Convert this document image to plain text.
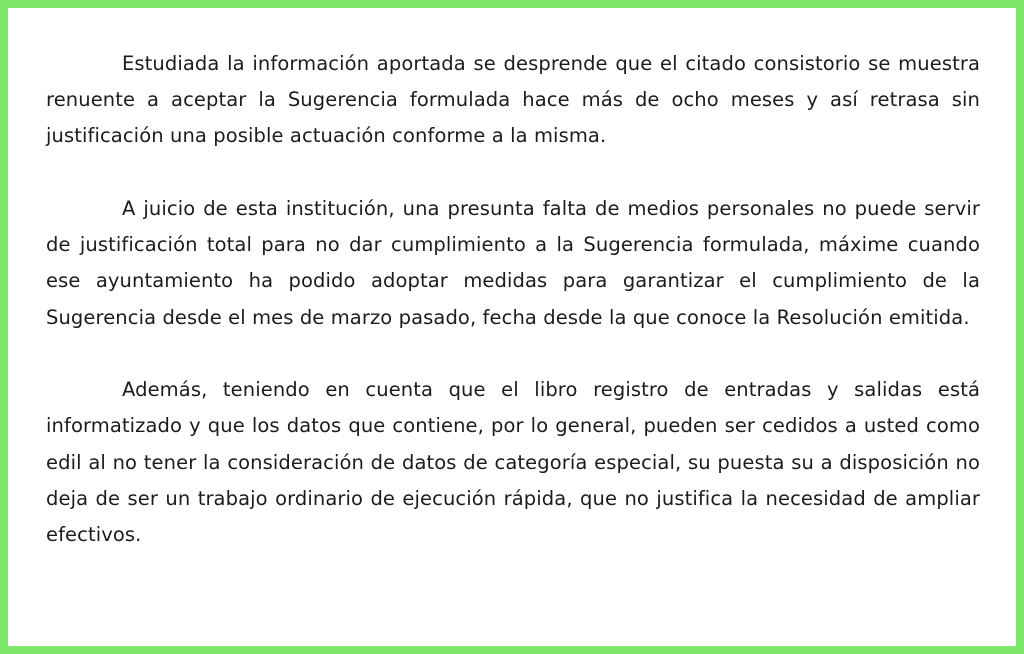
Estudiada la información aportada se desprende que el citado consistorio se muestra renuente a aceptar la Sugerencia formulada hace más de ocho meses y así retrasa sin justificación una posible actuación conforme a la misma.

A juicio de esta institución, una presunta falta de medios personales no puede servir de justificación total para no dar cumplimiento a la Sugerencia formulada, máxime cuando ese ayuntamiento ha podido adoptar medidas para garantizar el cumplimiento de la Sugerencia desde el mes de marzo pasado, fecha desde la que conoce la Resolución emitida.

Además, teniendo en cuenta que el libro registro de entradas y salidas está informatizado y que los datos que contiene, por lo general, pueden ser cedidos a usted como edil al no tener la consideración de datos de categoría especial, su puesta su a disposición no deja de ser un trabajo ordinario de ejecución rápida, que no justifica la necesidad de ampliar efectivos.
